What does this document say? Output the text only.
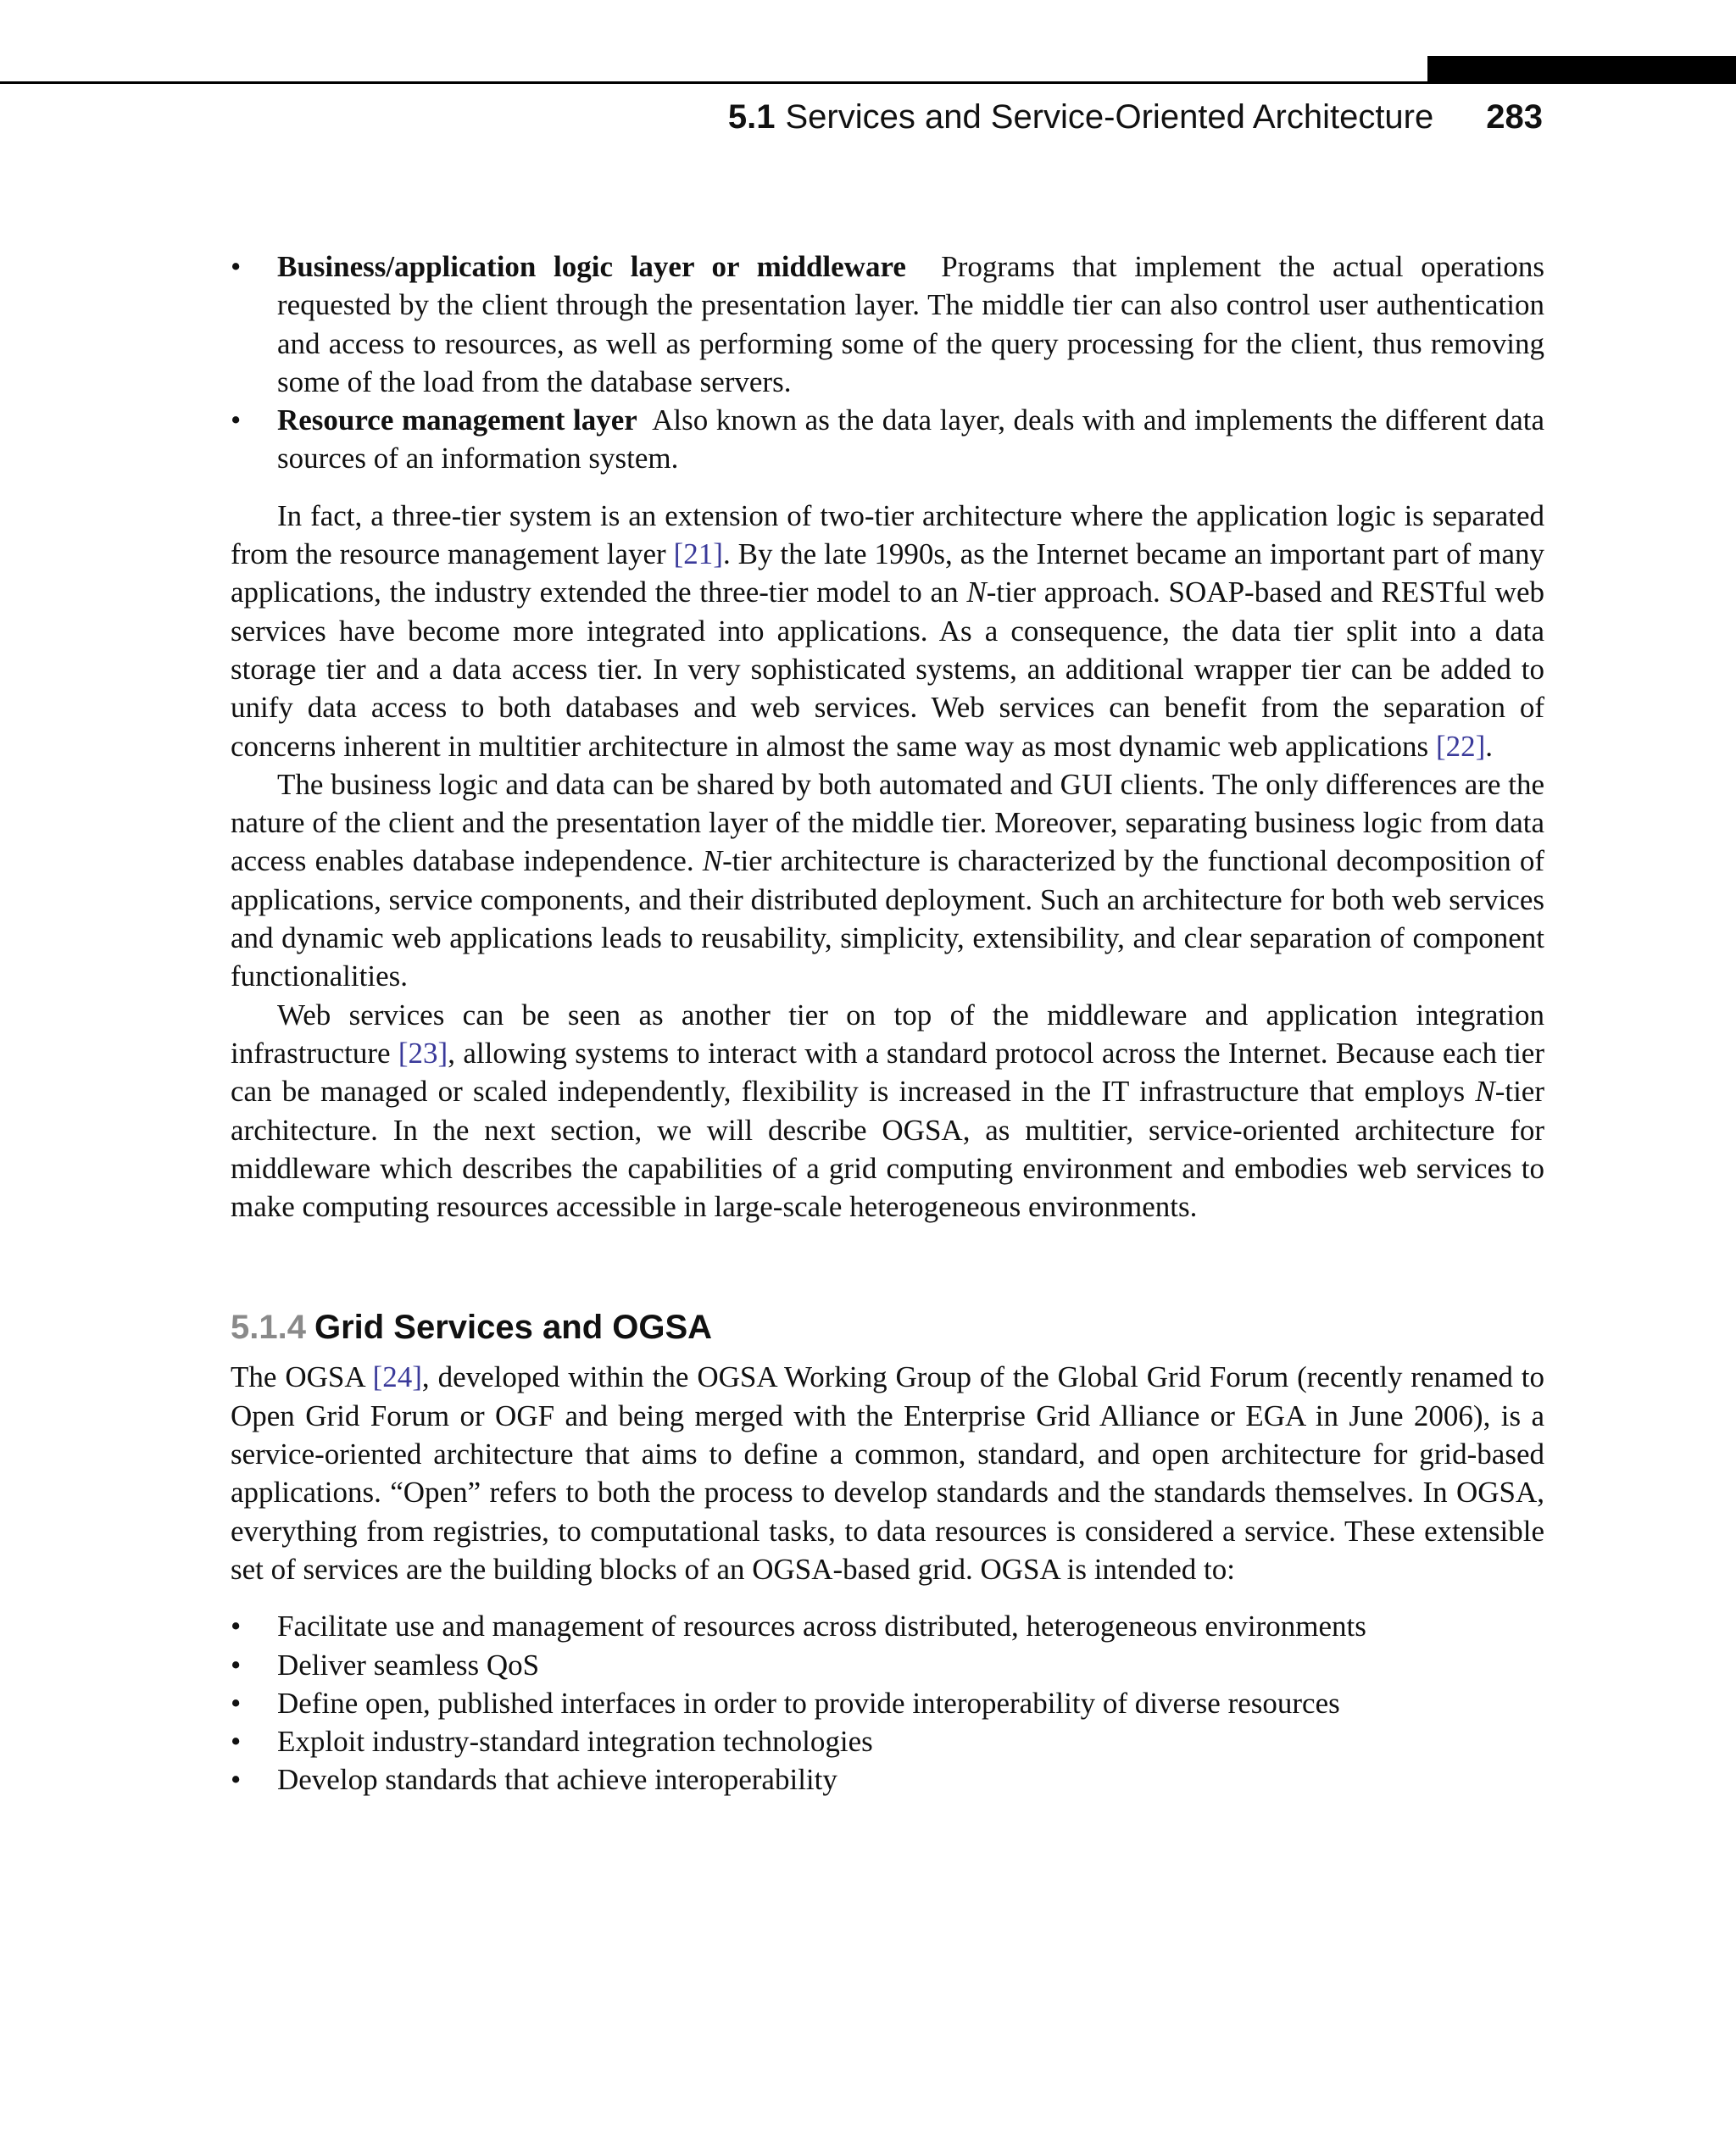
5.1 Services and Service-Oriented Architecture 283
• Business/application logic layer or middleware Programs that implement the actual operations requested by the client through the presentation layer. The middle tier can also control user authentication and access to resources, as well as performing some of the query processing for the client, thus removing some of the load from the database servers.
• Resource management layer Also known as the data layer, deals with and implements the different data sources of an information system.

In fact, a three-tier system is an extension of two-tier architecture where the application logic is separated from the resource management layer [21]. By the late 1990s, as the Internet became an important part of many applications, the industry extended the three-tier model to an N-tier approach. SOAP-based and RESTful web services have become more integrated into applications. As a consequence, the data tier split into a data storage tier and a data access tier. In very sophisticated systems, an additional wrapper tier can be added to unify data access to both databases and web services. Web services can benefit from the separation of concerns inherent in multitier architecture in almost the same way as most dynamic web applications [22].

The business logic and data can be shared by both automated and GUI clients. The only differences are the nature of the client and the presentation layer of the middle tier. Moreover, separating business logic from data access enables database independence. N-tier architecture is characterized by the functional decomposition of applications, service components, and their distributed deployment. Such an architecture for both web services and dynamic web applications leads to reusability, simplicity, extensibility, and clear separation of component functionalities.

Web services can be seen as another tier on top of the middleware and application integration infrastructure [23], allowing systems to interact with a standard protocol across the Internet. Because each tier can be managed or scaled independently, flexibility is increased in the IT infrastructure that employs N-tier architecture. In the next section, we will describe OGSA, as multitier, service-oriented architecture for middleware which describes the capabilities of a grid computing environment and embodies web services to make computing resources accessible in large-scale heterogeneous environments.

5.1.4 Grid Services and OGSA

The OGSA [24], developed within the OGSA Working Group of the Global Grid Forum (recently renamed to Open Grid Forum or OGF and being merged with the Enterprise Grid Alliance or EGA in June 2006), is a service-oriented architecture that aims to define a common, standard, and open architecture for grid-based applications. “Open” refers to both the process to develop standards and the standards themselves. In OGSA, everything from registries, to computational tasks, to data resources is considered a service. These extensible set of services are the building blocks of an OGSA-based grid. OGSA is intended to:

• Facilitate use and management of resources across distributed, heterogeneous environments
• Deliver seamless QoS
• Define open, published interfaces in order to provide interoperability of diverse resources
• Exploit industry-standard integration technologies
• Develop standards that achieve interoperability
